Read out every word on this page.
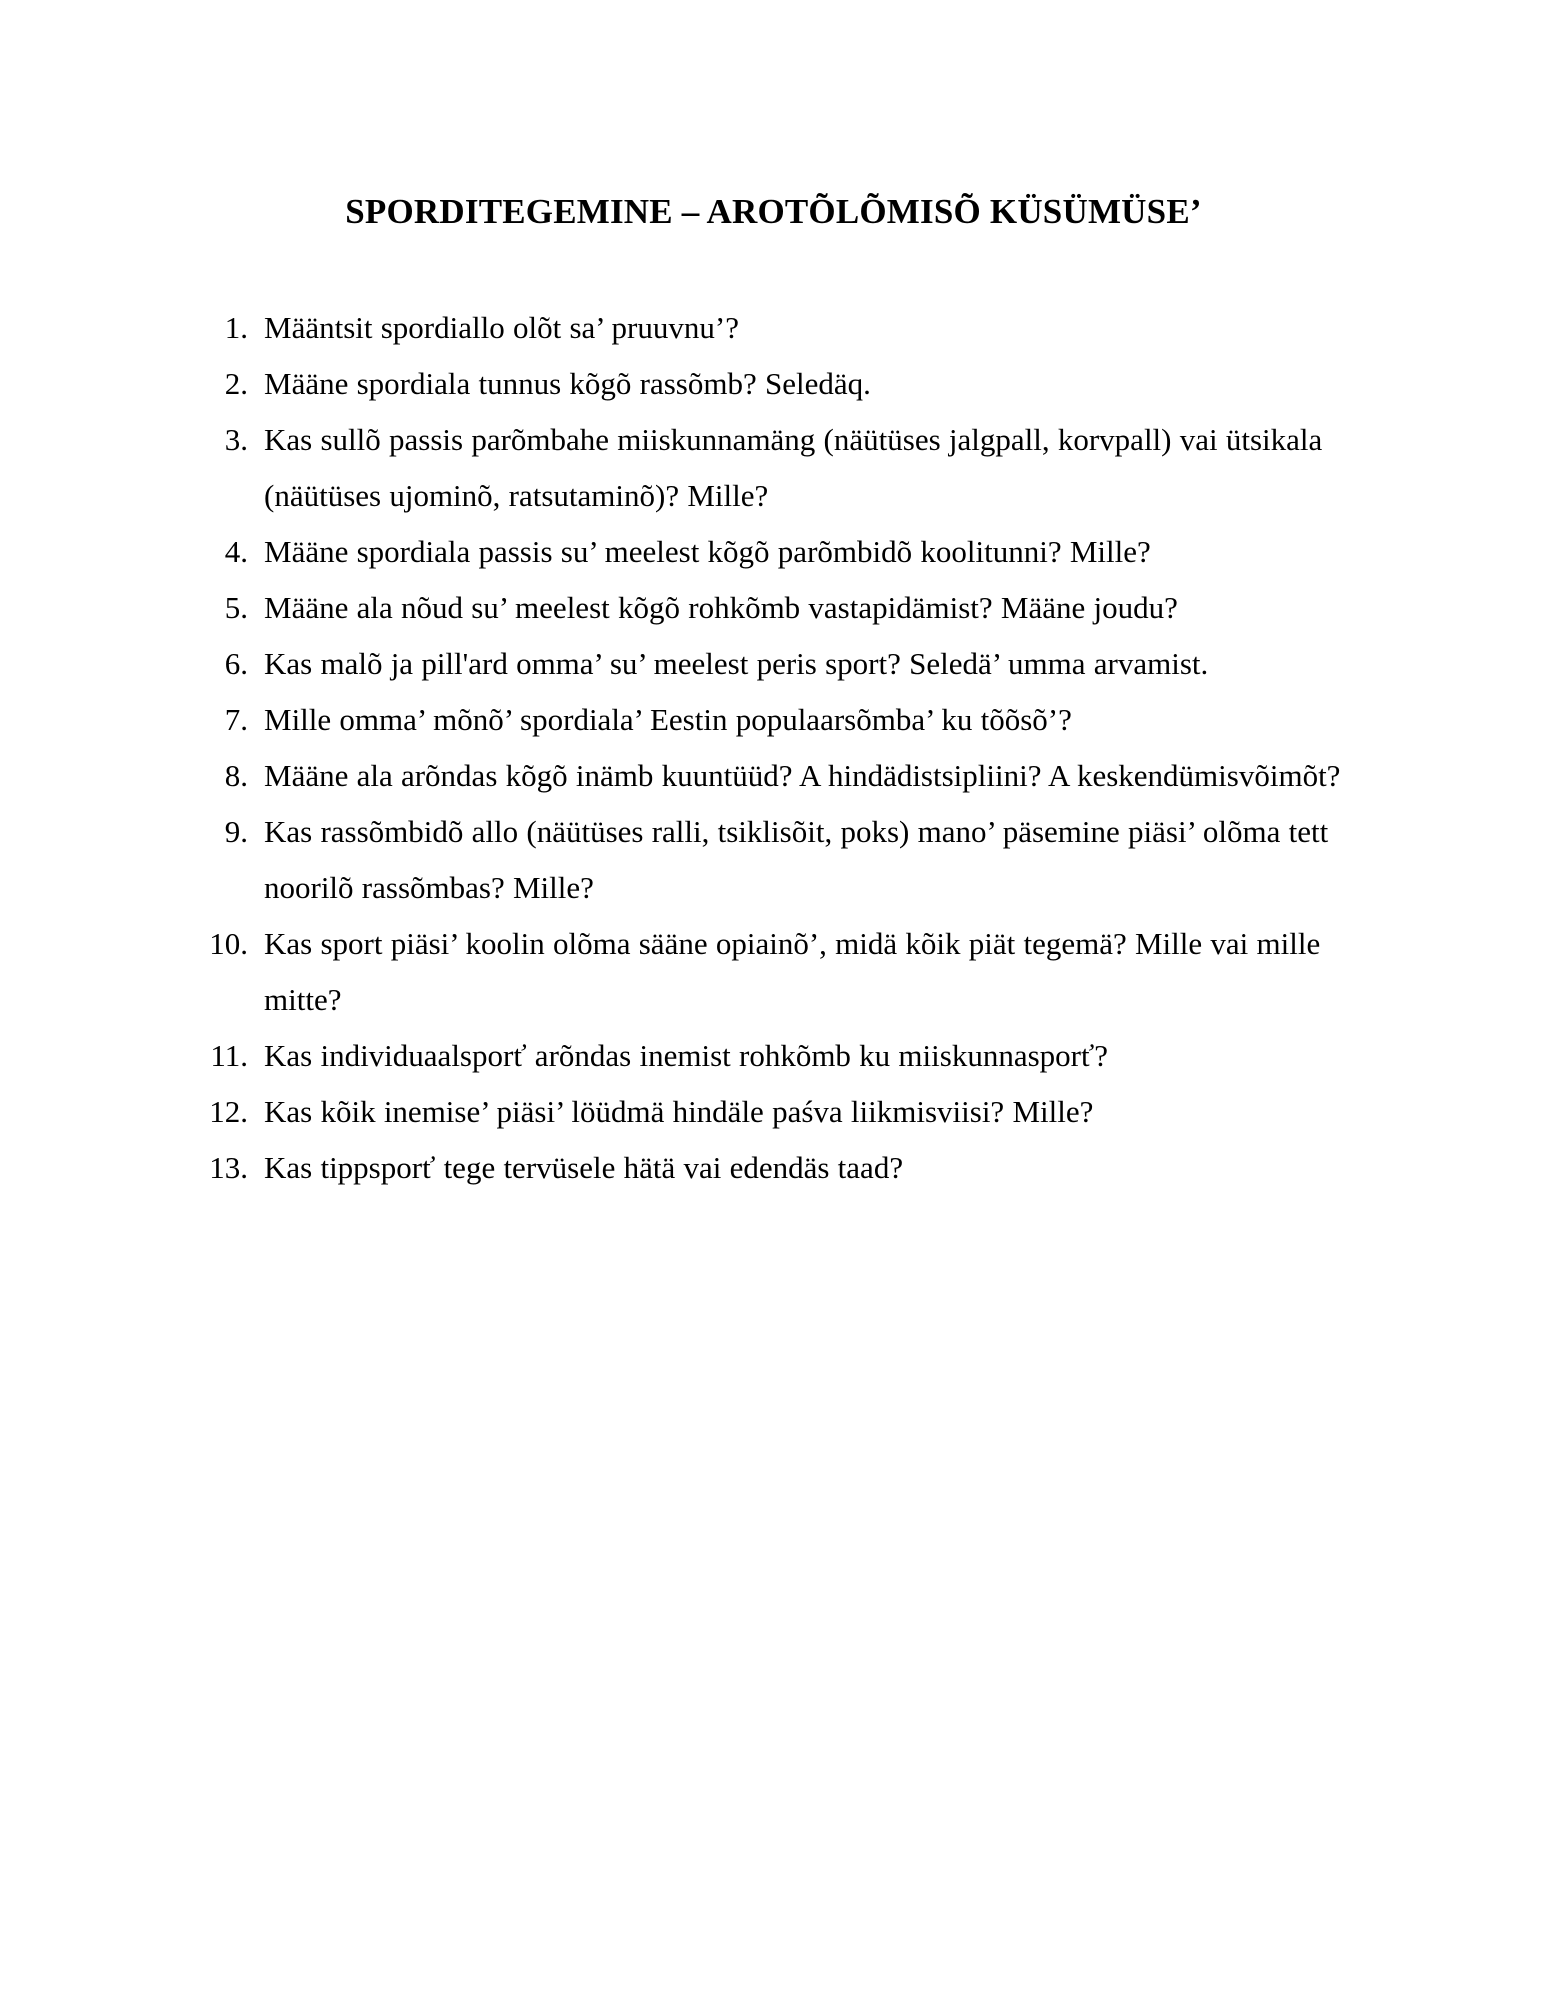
SPORDITEGEMINE – AROTÕLÕMISÕ KÜSÜMÜSE’
1. Määntsit spordiallo olõt sa’ pruuvnu’?
2. Määne spordiala tunnus kõgõ rassõmb? Seledäq.
3. Kas sullõ passis parõmbahe miiskunnamäng (näütüses jalgpall, korvpall) vai ütsikala (näütüses ujominõ, ratsutaminõ)? Mille?
4. Määne spordiala passis su’ meelest kõgõ parõmbidõ koolitunni? Mille?
5. Määne ala nõud su’ meelest kõgõ rohkõmb vastapidämist? Määne joudu?
6. Kas malõ ja pill'ard omma’ su’ meelest peris sport? Seledä’ umma arvamist.
7. Mille omma’ mõnõ’ spordiala’ Eestin populaarsõmba’ ku tõõsõ’?
8. Määne ala arõndas kõgõ inämb kuuntüüd? A hindädistsipliini? A keskendümisvõimõt?
9. Kas rassõmbidõ allo (näütüses ralli, tsiklisõit, poks) mano’ päsemine piäsi’ olõma tett noorilõ rassõmbas? Mille?
10. Kas sport piäsi’ koolin olõma sääne opiainõ’, midä kõik piät tegemä? Mille vai mille mitte?
11. Kas individuaalsporť arõndas inemist rohkõmb ku miiskunnasporť?
12. Kas kõik inemise’ piäsi’ löüdmä hindäle paśva liikmisviisi? Mille?
13. Kas tippsporť tege tervüsele hätä vai edendäs taad?
